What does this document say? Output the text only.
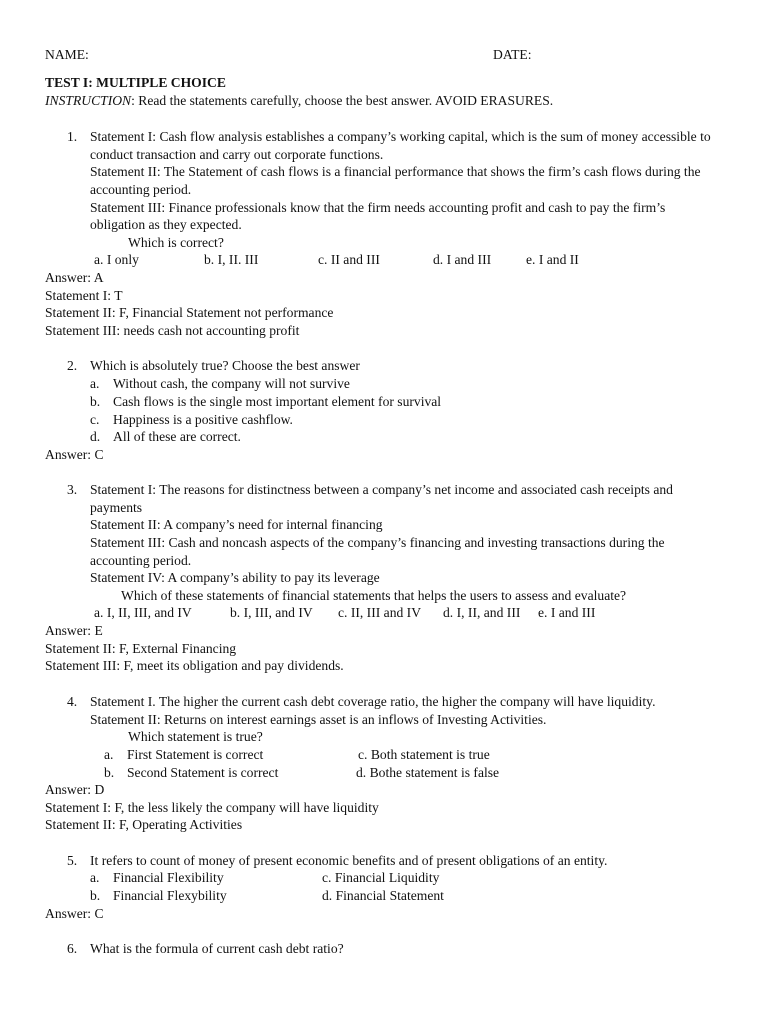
NAME:	DATE:
TEST I: MULTIPLE CHOICE
INSTRUCTION: Read the statements carefully, choose the best answer. AVOID ERASURES.
1. Statement I: Cash flow analysis establishes a company’s working capital, which is the sum of money accessible to
conduct transaction and carry out corporate functions.
Statement II: The Statement of cash flows is a financial performance that shows the firm’s cash flows during the
accounting period.
Statement III: Finance professionals know that the firm needs accounting profit and cash to pay the firm’s
obligation as they expected.
Which is correct?
a. I only	b. I, II. III	c. II and III	d. I and III	e. I and II
Answer: A
Statement I: T
Statement II: F, Financial Statement not performance
Statement III: needs cash not accounting profit
2. Which is absolutely true? Choose the best answer
a. Without cash, the company will not survive
b. Cash flows is the single most important element for survival
c. Happiness is a positive cashflow.
d. All of these are correct.
Answer: C
3. Statement I: The reasons for distinctness between a company’s net income and associated cash receipts and
payments
Statement II: A company’s need for internal financing
Statement III: Cash and noncash aspects of the company’s financing and investing transactions during the
accounting period.
Statement IV: A company’s ability to pay its leverage
Which of these statements of financial statements that helps the users to assess and evaluate?
a. I, II, III, and IV	b. I, III, and IV c. II, III and IV d. I, II, and III e. I and III
Answer: E
Statement II: F, External Financing
Statement III: F, meet its obligation and pay dividends.
4. Statement I. The higher the current cash debt coverage ratio, the higher the company will have liquidity.
Statement II: Returns on interest earnings asset is an inflows of Investing Activities.
Which statement is true?
a. First Statement is correct	c. Both statement is true
b. Second Statement is correct	d. Bothe statement is false
Answer: D
Statement I: F, the less likely the company will have liquidity
Statement II: F, Operating Activities
5. It refers to count of money of present economic benefits and of present obligations of an entity.
a. Financial Flexibility	c. Financial Liquidity
b. Financial Flexybility	d. Financial Statement
Answer: C
6. What is the formula of current cash debt ratio?
